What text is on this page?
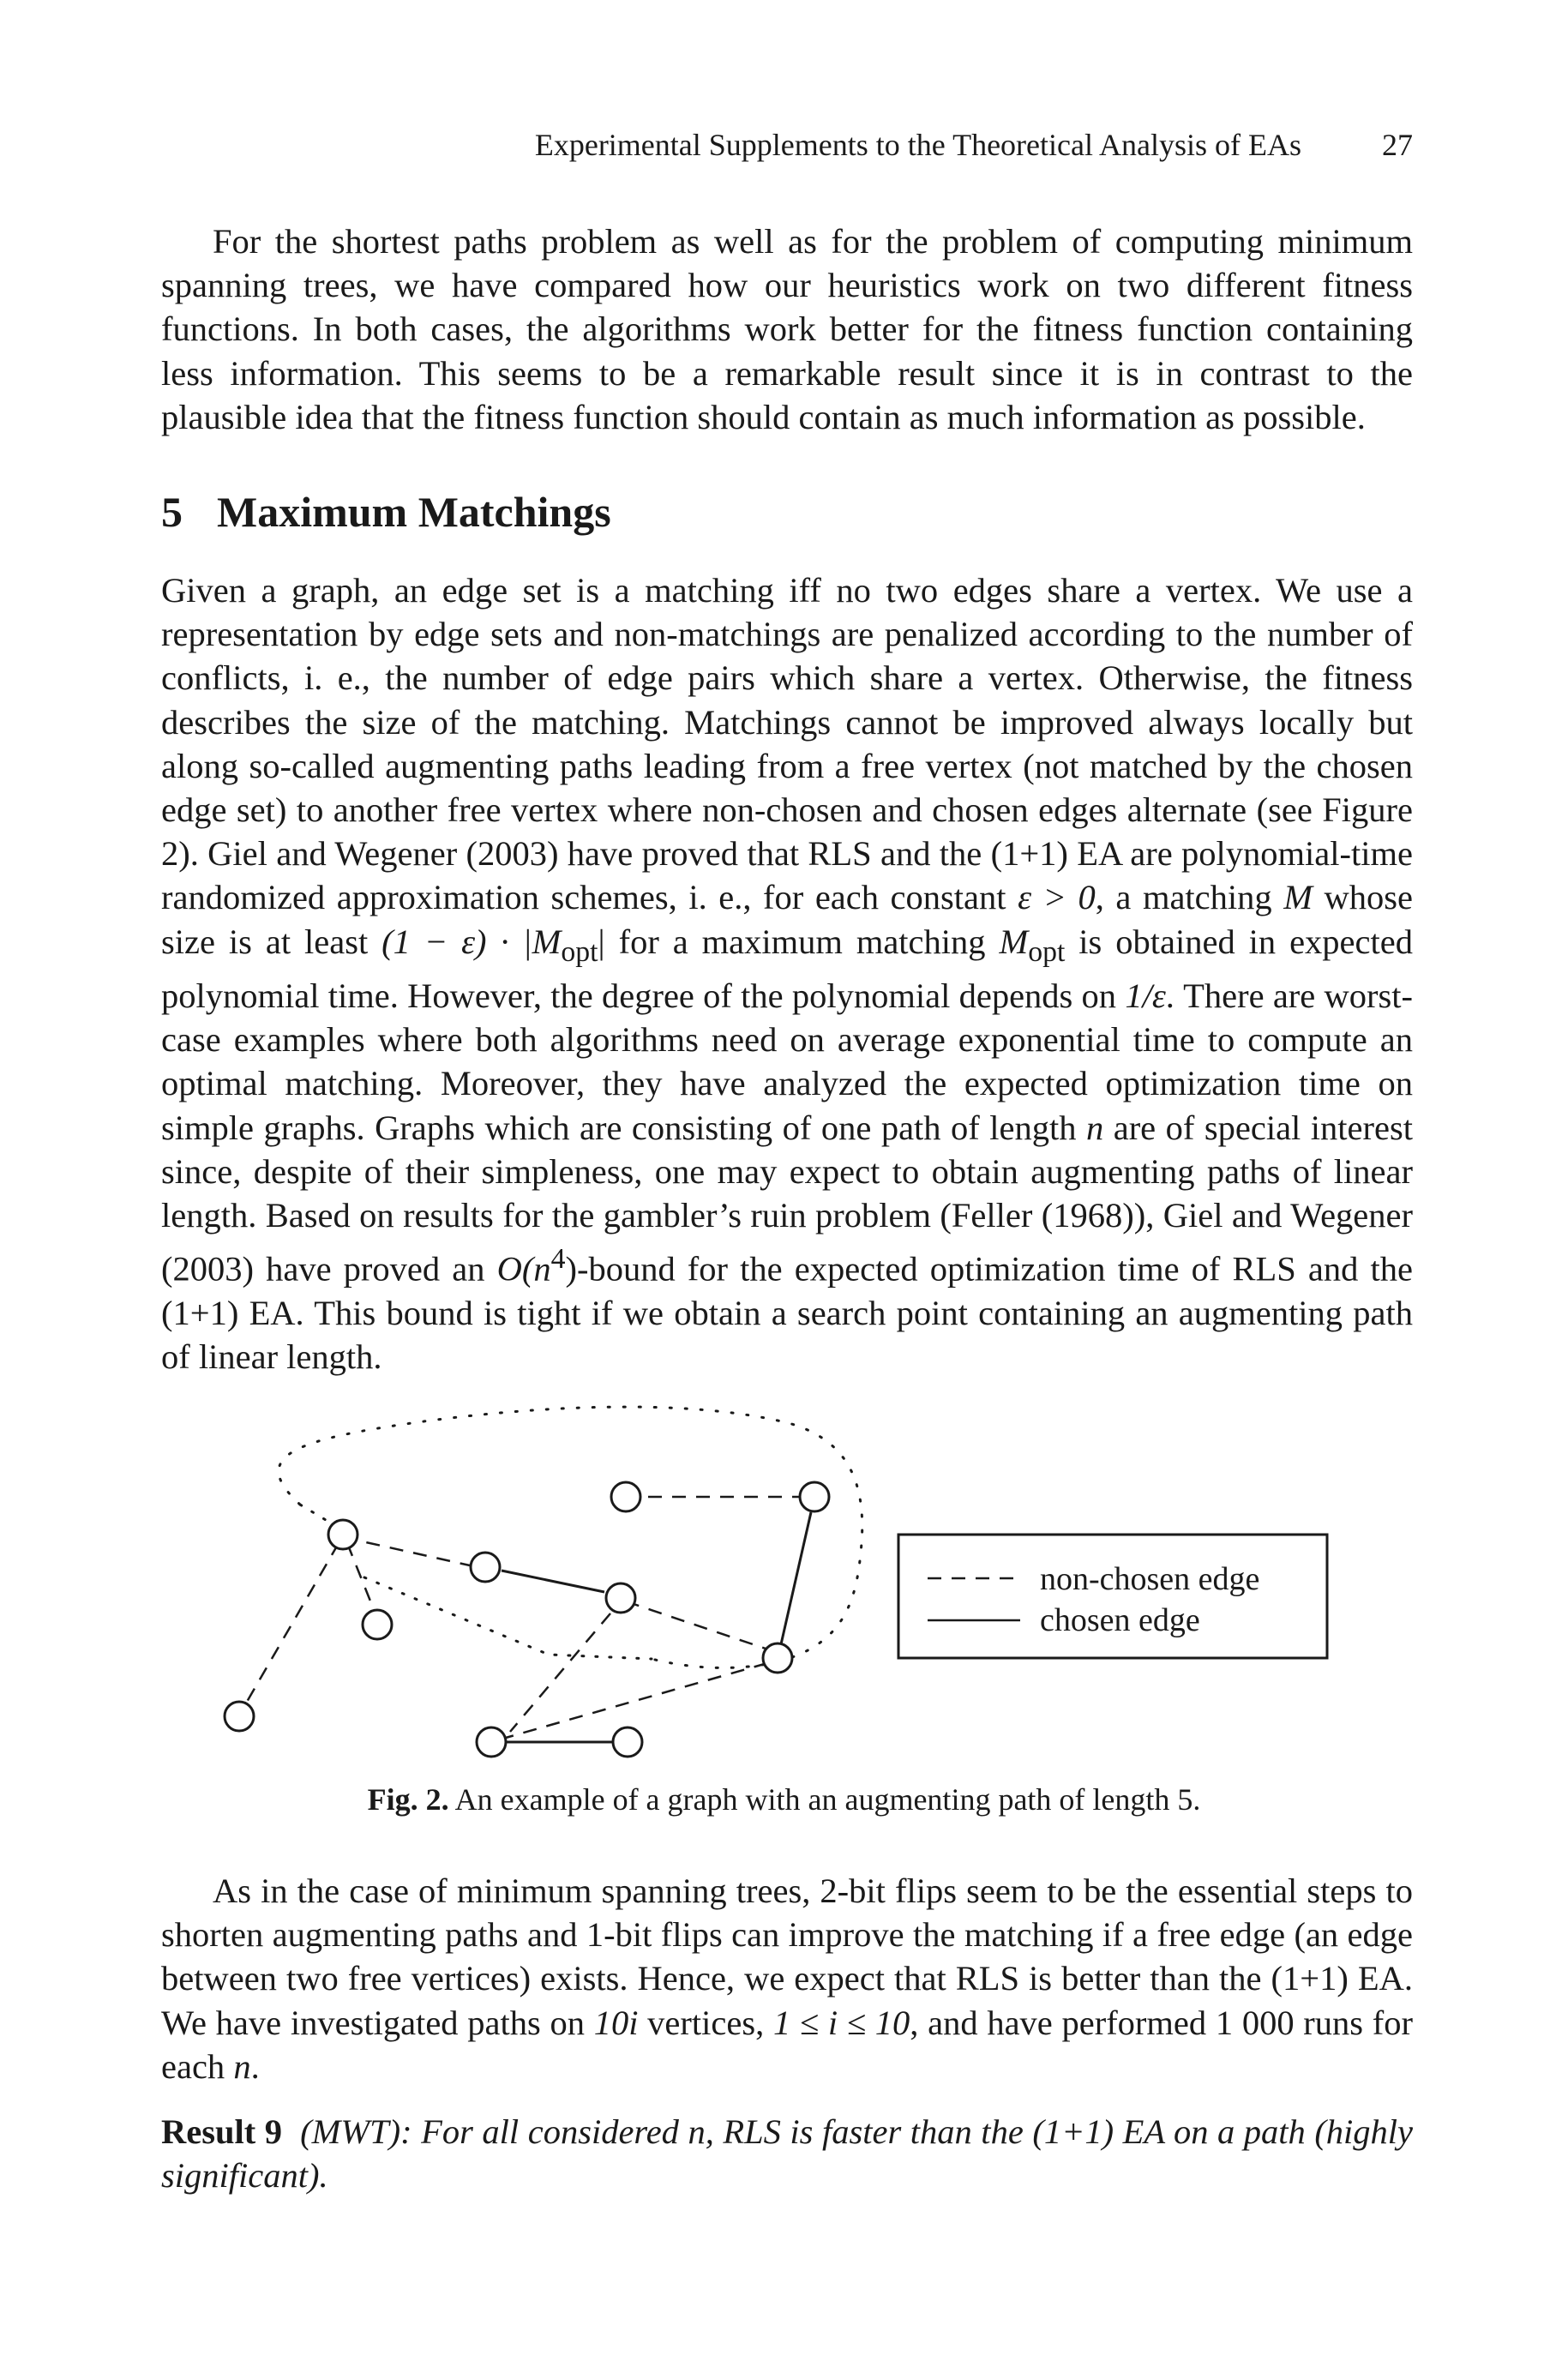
Experimental Supplements to the Theoretical Analysis of EAs	27

For the shortest paths problem as well as for the problem of computing minimum spanning trees, we have compared how our heuristics work on two different fitness functions. In both cases, the algorithms work better for the fitness function containing less information. This seems to be a remarkable result since it is in contrast to the plausible idea that the fitness function should contain as much information as possible.

5 Maximum Matchings

Given a graph, an edge set is a matching iff no two edges share a vertex. We use a representation by edge sets and non-matchings are penalized according to the number of conflicts, i. e., the number of edge pairs which share a vertex. Otherwise, the fitness describes the size of the matching. Matchings cannot be improved always locally but along so-called augmenting paths leading from a free vertex (not matched by the chosen edge set) to another free vertex where non-chosen and chosen edges alternate (see Figure 2). Giel and Wegener (2003) have proved that RLS and the (1+1) EA are polynomial-time randomized approximation schemes, i. e., for each constant ε > 0, a matching M whose size is at least $(1 - \varepsilon) \cdot |M_{opt}|$ for a maximum matching $M_{opt}$ is obtained in expected polynomial time. However, the degree of the polynomial depends on 1/ε. There are worst-case examples where both algorithms need on average exponential time to compute an optimal matching. Moreover, they have analyzed the expected optimization time on simple graphs. Graphs which are consisting of one path of length n are of special interest since, despite of their simpleness, one may expect to obtain augmenting paths of linear length. Based on results for the gambler’s ruin problem (Feller (1968)), Giel and Wegener (2003) have proved an $O(n^4)$-bound for the expected optimization time of RLS and the (1+1) EA. This bound is tight if we obtain a search point containing an augmenting path of linear length.

non-chosen edge
chosen edge
Fig. 2. An example of a graph with an augmenting path of length 5.

As in the case of minimum spanning trees, 2-bit flips seem to be the essential steps to shorten augmenting paths and 1-bit flips can improve the matching if a free edge (an edge between two free vertices) exists. Hence, we expect that RLS is better than the (1+1) EA. We have investigated paths on 10i vertices, 1 ≤ i ≤ 10, and have performed 1 000 runs for each n.

Result 9 (MWT): For all considered n, RLS is faster than the (1+1) EA on a path (highly significant).
